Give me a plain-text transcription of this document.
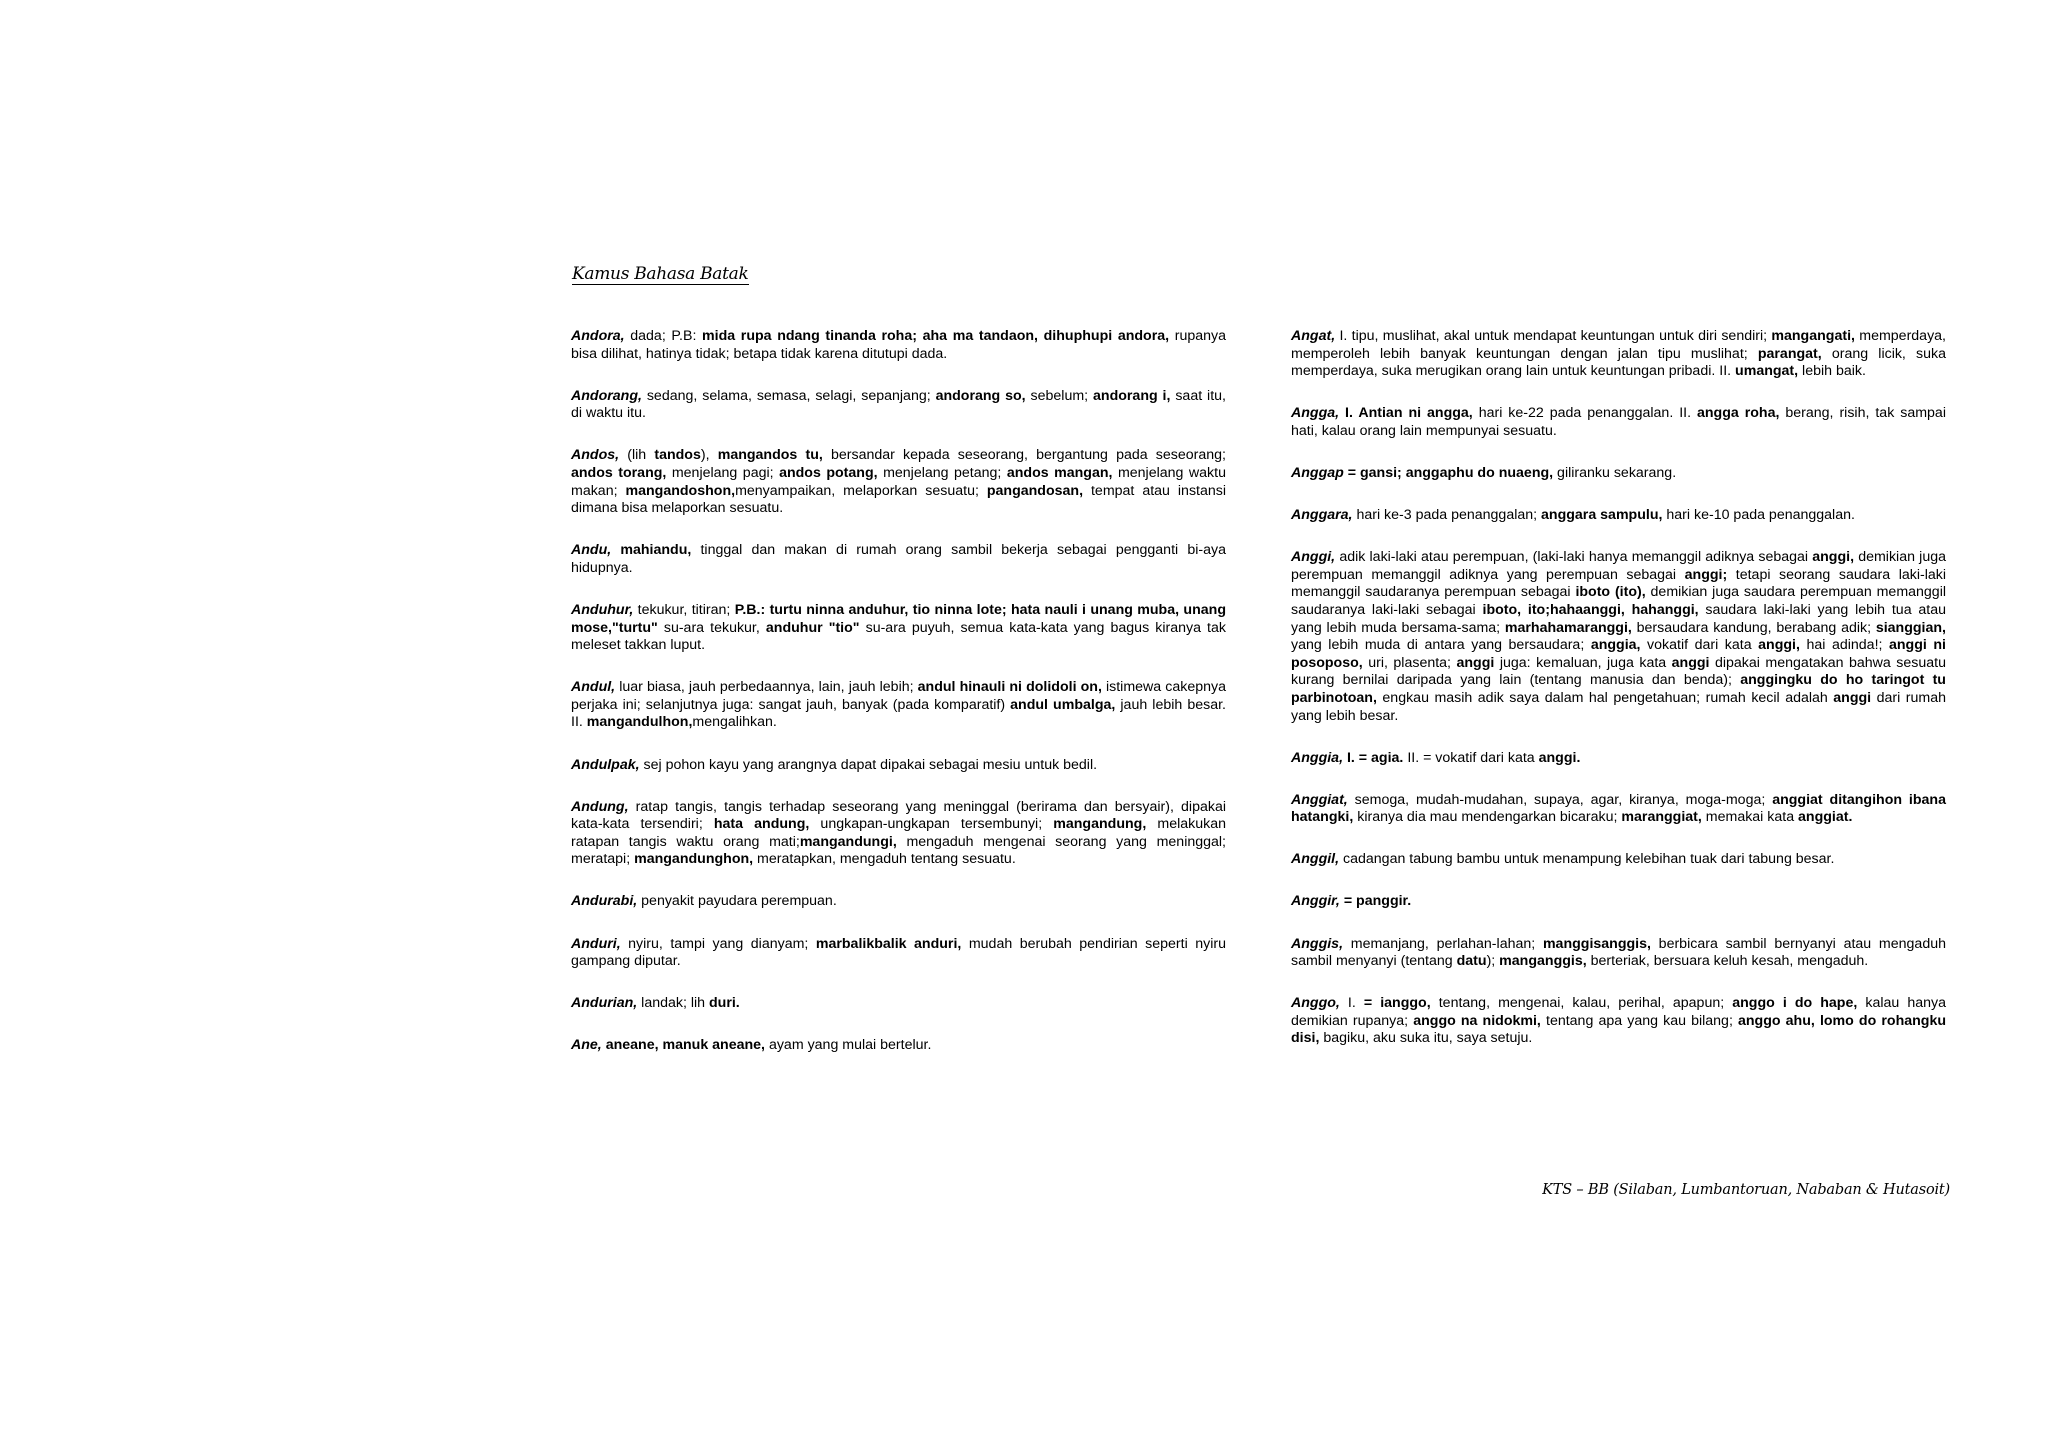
Kamus Bahasa Batak

Andora, dada; P.B: mida rupa ndang tinanda roha; aha ma tandaon, dihuphupi andora, rupanya bisa dilihat, hatinya tidak; betapa tidak karena ditutupi dada.

Andorang, sedang, selama, semasa, selagi, sepanjang; andorang so, sebelum; andorang i, saat itu, di waktu itu.

Andos, (lih tandos), mangandos tu, bersandar kepada seseorang, bergantung pada seseorang; andos torang, menjelang pagi; andos potang, menjelang petang; andos mangan, menjelang waktu makan; mangandoshon,menyampaikan, melaporkan sesuatu; pangandosan, tempat atau instansi dimana bisa melaporkan sesuatu.

Andu, mahiandu, tinggal dan makan di rumah orang sambil bekerja sebagai pengganti bi-aya hidupnya.

Anduhur, tekukur, titiran; P.B.: turtu ninna anduhur, tio ninna lote; hata nauli i unang muba, unang mose,"turtu" su-ara tekukur, anduhur "tio" su-ara puyuh, semua kata-kata yang bagus kiranya tak meleset takkan luput.

Andul, luar biasa, jauh perbedaannya, lain, jauh lebih; andul hinauli ni dolidoli on, istimewa cakepnya perjaka ini; selanjutnya juga: sangat jauh, banyak (pada komparatif) andul umbalga, jauh lebih besar. II. mangandulhon,mengalihkan.

Andulpak, sej pohon kayu yang arangnya dapat dipakai sebagai mesiu untuk bedil.

Andung, ratap tangis, tangis terhadap seseorang yang meninggal (berirama dan bersyair), dipakai kata-kata tersendiri; hata andung, ungkapan-ungkapan tersembunyi; mangandung, melakukan ratapan tangis waktu orang mati;mangandungi, mengaduh mengenai seorang yang meninggal; meratapi; mangandunghon, meratapkan, mengaduh tentang sesuatu.

Andurabi, penyakit payudara perempuan.

Anduri, nyiru, tampi yang dianyam; marbalikbalik anduri, mudah berubah pendirian seperti nyiru gampang diputar.

Andurian, landak; lih duri.

Ane, aneane, manuk aneane, ayam yang mulai bertelur.

Angat, I. tipu, muslihat, akal untuk mendapat keuntungan untuk diri sendiri; mangangati, memperdaya, memperoleh lebih banyak keuntungan dengan jalan tipu muslihat; parangat, orang licik, suka memperdaya, suka merugikan orang lain untuk keuntungan pribadi. II. umangat, lebih baik.

Angga, I. Antian ni angga, hari ke-22 pada penanggalan. II. angga roha, berang, risih, tak sampai hati, kalau orang lain mempunyai sesuatu.

Anggap = gansi; anggaphu do nuaeng, giliranku sekarang.

Anggara, hari ke-3 pada penanggalan; anggara sampulu, hari ke-10 pada penanggalan.

Anggi, adik laki-laki atau perempuan, (laki-laki hanya memanggil adiknya sebagai anggi, demikian juga perempuan memanggil adiknya yang perempuan sebagai anggi; tetapi seorang saudara laki-laki memanggil saudaranya perempuan sebagai iboto (ito), demikian juga saudara perempuan memanggil saudaranya laki-laki sebagai iboto, ito;hahaanggi, hahanggi, saudara laki-laki yang lebih tua atau yang lebih muda bersama-sama; marhahamaranggi, bersaudara kandung, berabang adik; sianggian, yang lebih muda di antara yang bersaudara; anggia, vokatif dari kata anggi, hai adinda!; anggi ni posoposo, uri, plasenta; anggi juga: kemaluan, juga kata anggi dipakai mengatakan bahwa sesuatu kurang bernilai daripada yang lain (tentang manusia dan benda); anggingku do ho taringot tu parbinotoan, engkau masih adik saya dalam hal pengetahuan; rumah kecil adalah anggi dari rumah yang lebih besar.

Anggia, I. = agia. II. = vokatif dari kata anggi.

Anggiat, semoga, mudah-mudahan, supaya, agar, kiranya, moga-moga; anggiat ditangihon ibana hatangki, kiranya dia mau mendengarkan bicaraku; maranggiat, memakai kata anggiat.

Anggil, cadangan tabung bambu untuk menampung kelebihan tuak dari tabung besar.

Anggir, = panggir.

Anggis, memanjang, perlahan-lahan; manggisanggis, berbicara sambil bernyanyi atau mengaduh sambil menyanyi (tentang datu); manganggis, berteriak, bersuara keluh kesah, mengaduh.

Anggo, I. = ianggo, tentang, mengenai, kalau, perihal, apapun; anggo i do hape, kalau hanya demikian rupanya; anggo na nidokmi, tentang apa yang kau bilang; anggo ahu, lomo do rohangku disi, bagiku, aku suka itu, saya setuju.

KTS – BB (Silaban, Lumbantoruan, Nababan & Hutasoit)
